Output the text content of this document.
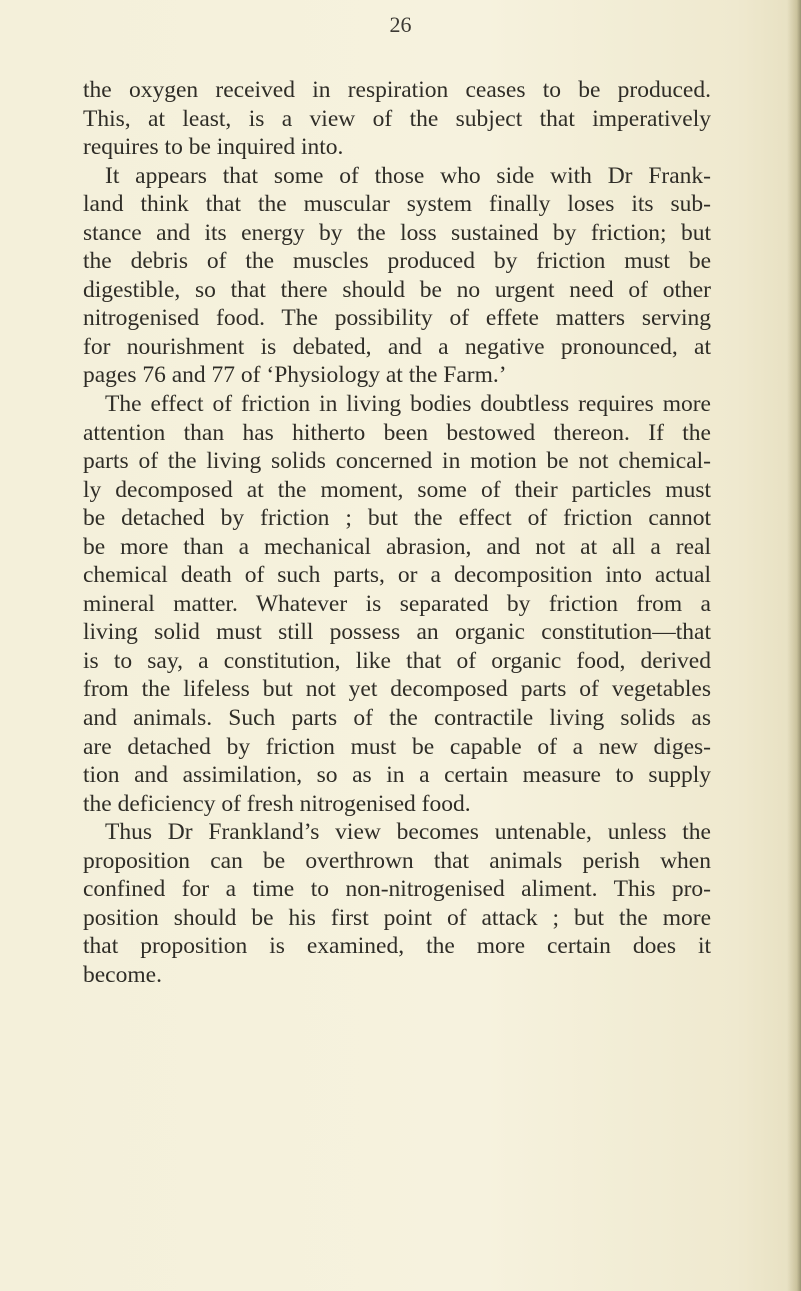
26
the oxygen received in respiration ceases to be produced.
This, at least, is a view of the subject that imperatively
requires to be inquired into.
It appears that some of those who side with Dr Frank-
land think that the muscular system finally loses its sub-
stance and its energy by the loss sustained by friction; but
the debris of the muscles produced by friction must be
digestible, so that there should be no urgent need of other
nitrogenised food. The possibility of effete matters serving
for nourishment is debated, and a negative pronounced, at
pages 76 and 77 of ‘Physiology at the Farm.’
The effect of friction in living bodies doubtless requires more
attention than has hitherto been bestowed thereon. If the
parts of the living solids concerned in motion be not chemical-
ly decomposed at the moment, some of their particles must
be detached by friction ; but the effect of friction cannot
be more than a mechanical abrasion, and not at all a real
chemical death of such parts, or a decomposition into actual
mineral matter. Whatever is separated by friction from a
living solid must still possess an organic constitution—that
is to say, a constitution, like that of organic food, derived
from the lifeless but not yet decomposed parts of vegetables
and animals. Such parts of the contractile living solids as
are detached by friction must be capable of a new diges-
tion and assimilation, so as in a certain measure to supply
the deficiency of fresh nitrogenised food.
Thus Dr Frankland’s view becomes untenable, unless the
proposition can be overthrown that animals perish when
confined for a time to non-nitrogenised aliment. This pro-
position should be his first point of attack ; but the more
that proposition is examined, the more certain does it
become.
